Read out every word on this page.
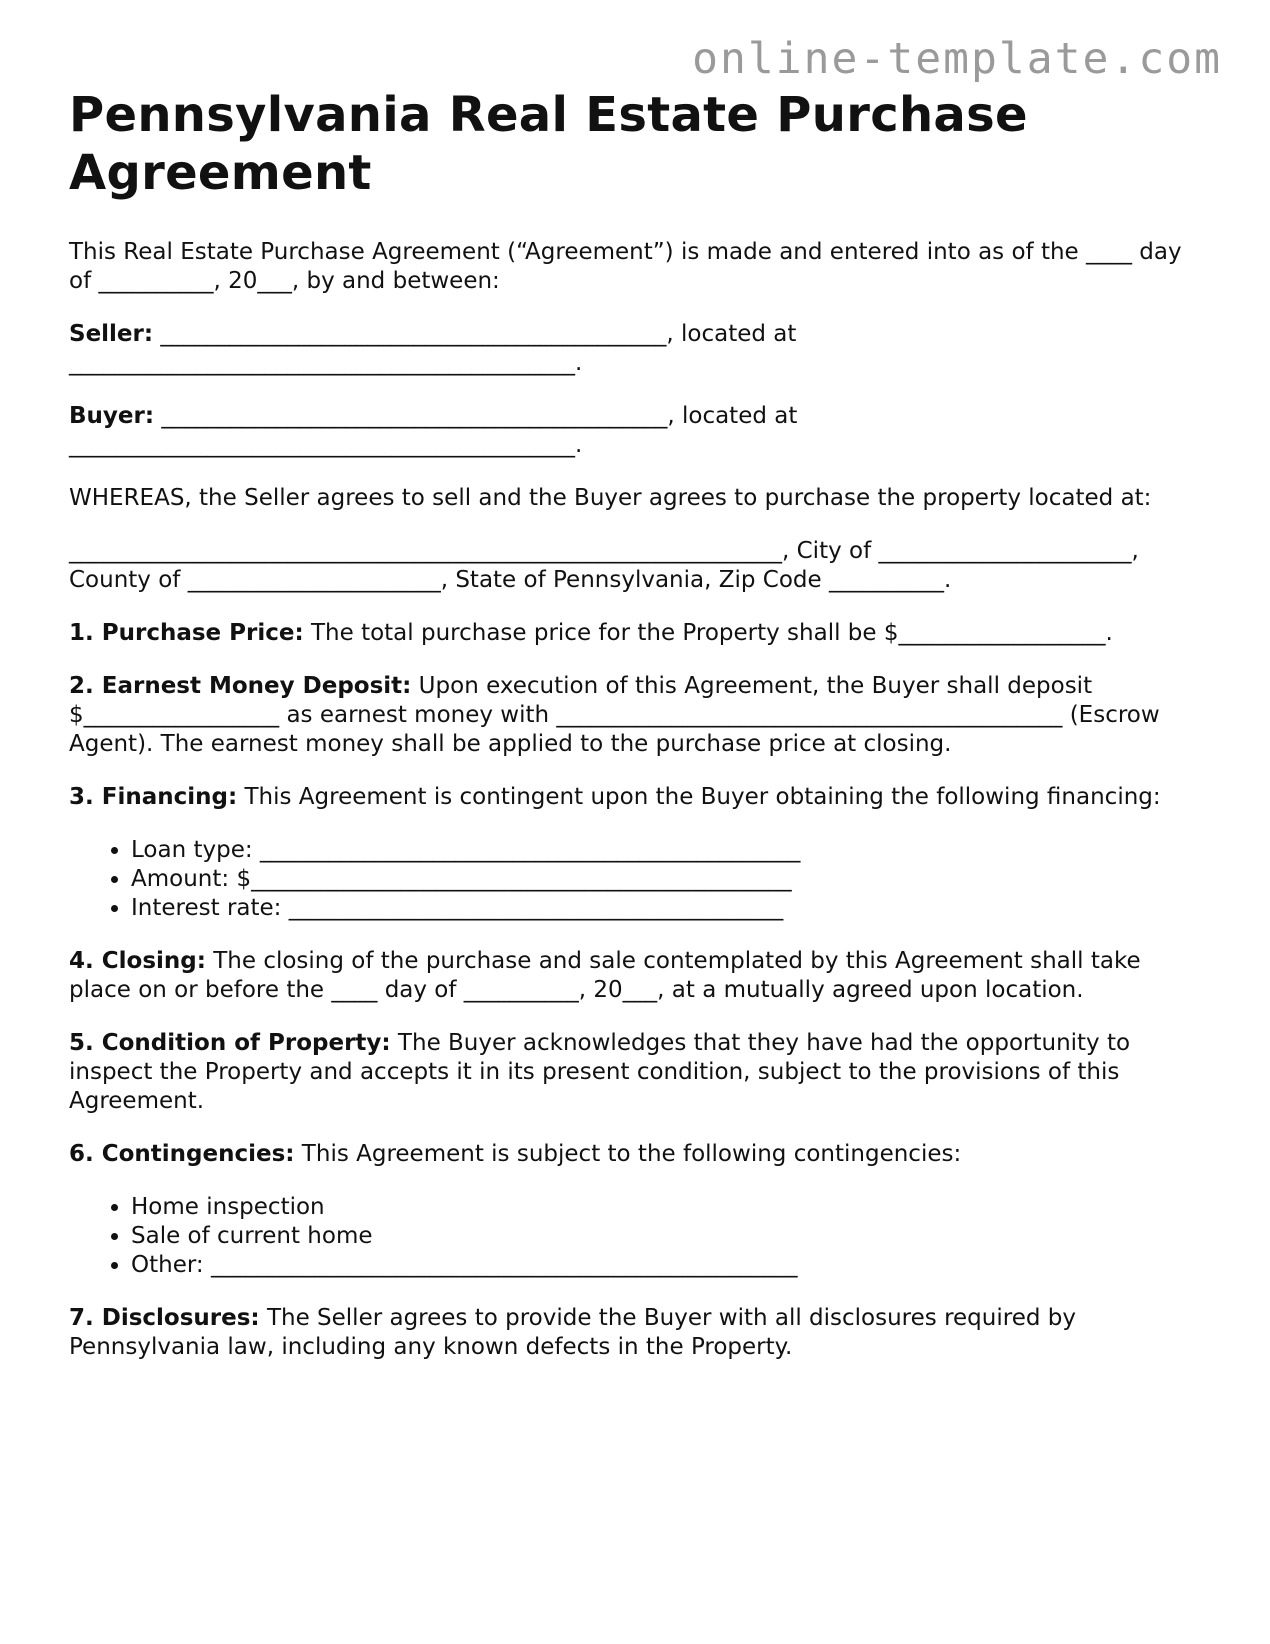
online-template.com
Pennsylvania Real Estate Purchase Agreement

This Real Estate Purchase Agreement (“Agreement”) is made and entered into as of the ____ day of __________, 20___, by and between:

Seller: ____________________________________________, located at ____________________________________________.

Buyer: ____________________________________________, located at ____________________________________________.

WHEREAS, the Seller agrees to sell and the Buyer agrees to purchase the property located at:

______________________________________________________________, City of ______________________, County of ______________________, State of Pennsylvania, Zip Code __________.

1. Purchase Price: The total purchase price for the Property shall be $__________________.

2. Earnest Money Deposit: Upon execution of this Agreement, the Buyer shall deposit $_________________ as earnest money with ____________________________________________ (Escrow Agent). The earnest money shall be applied to the purchase price at closing.

3. Financing: This Agreement is contingent upon the Buyer obtaining the following financing:

• Loan type: _______________________________________________
• Amount: $_______________________________________________
• Interest rate: ___________________________________________

4. Closing: The closing of the purchase and sale contemplated by this Agreement shall take place on or before the ____ day of __________, 20___, at a mutually agreed upon location.

5. Condition of Property: The Buyer acknowledges that they have had the opportunity to inspect the Property and accepts it in its present condition, subject to the provisions of this Agreement.

6. Contingencies: This Agreement is subject to the following contingencies:

• Home inspection
• Sale of current home
• Other: ___________________________________________________

7. Disclosures: The Seller agrees to provide the Buyer with all disclosures required by Pennsylvania law, including any known defects in the Property.
